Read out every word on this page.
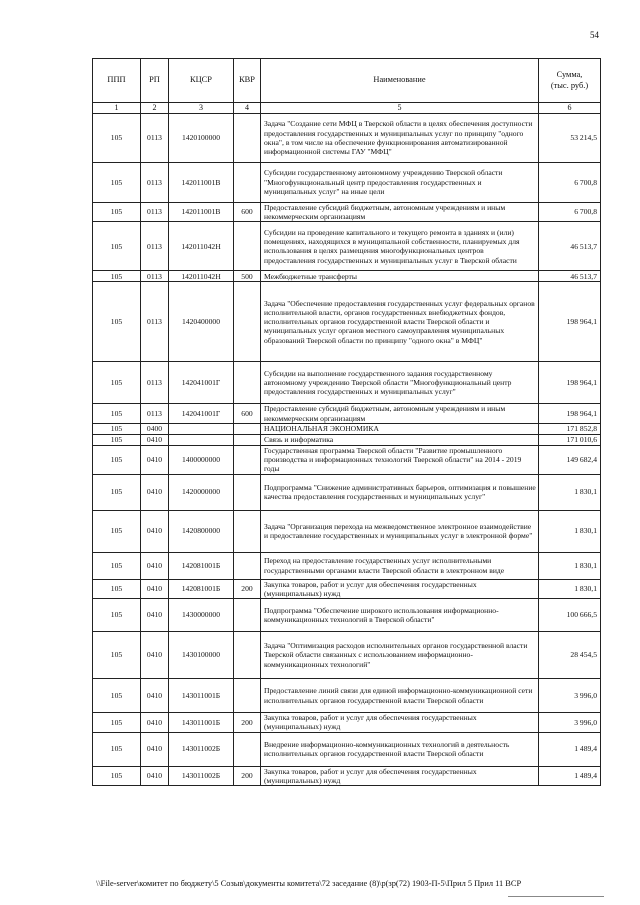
54
ППП	РП	КЦСР	КВР	Наименование	Сумма,
(тыс. руб.)
1	2	3	4	5	6
105	0113	1420100000		Задача "Создание сети МФЦ в Тверской области в целях обеспечения доступности предоставления государственных и муниципальных услуг по принципу "одного окна", в том числе на обеспечение функционирования автоматизированной информационной системы ГАУ "МФЦ"	53 214,5
105	0113	142011001В		Субсидии государственному автономному учреждению Тверской области "Многофункциональный центр предоставления государственных и муниципальных услуг" на иные цели	6 700,8
105	0113	142011001В	600	Предоставление субсидий бюджетным, автономным учреждениям и иным некоммерческим организациям	6 700,8
105	0113	142011042Н		Субсидии на проведение капитального и текущего ремонта в зданиях и (или) помещениях, находящихся в муниципальной собственности, планируемых для использования в целях размещения многофункциональных центров предоставления государственных и муниципальных услуг в Тверской области	46 513,7
105	0113	142011042Н	500	Межбюджетные трансферты	46 513,7
105	0113	1420400000		Задача "Обеспечение предоставления государственных услуг федеральных органов исполнительной власти, органов государственных внебюджетных фондов, исполнительных органов государственной власти Тверской области и муниципальных услуг органов местного самоуправления муниципальных образований Тверской области по принципу "одного окна" в МФЦ"	198 964,1
105	0113	142041001Г		Субсидии на выполнение государственного задания государственному автономному учреждению Тверской области "Многофункциональный центр предоставления государственных и муниципальных услуг"	198 964,1
105	0113	142041001Г	600	Предоставление субсидий бюджетным, автономным учреждениям и иным некоммерческим организациям	198 964,1
105	0400			НАЦИОНАЛЬНАЯ ЭКОНОМИКА	171 852,8
105	0410			Связь и информатика	171 010,6
105	0410	1400000000		Государственная программа Тверской области "Развитие промышленного производства и информационных технологий Тверской области" на 2014 - 2019 годы	149 682,4
105	0410	1420000000		Подпрограмма "Снижение административных барьеров, оптимизация и повышение качества предоставления государственных и муниципальных услуг"	1 830,1
105	0410	1420800000		Задача "Организация перехода на межведомственное электронное взаимодействие и предоставление государственных и муниципальных услуг в электронной форме"	1 830,1
105	0410	142081001Б		Переход на предоставление государственных услуг исполнительными государственными органами власти Тверской области в электронном виде	1 830,1
105	0410	142081001Б	200	Закупка товаров, работ и услуг для обеспечения государственных (муниципальных) нужд	1 830,1
105	0410	1430000000		Подпрограмма "Обеспечение широкого использования информационно-коммуникационных технологий в Тверской области"	100 666,5
105	0410	1430100000		Задача "Оптимизация расходов исполнительных органов государственной власти Тверской области связанных с использованием информационно-коммуникационных технологий"	28 454,5
105	0410	143011001Б		Предоставление линий связи для единой информационно-коммуникационной сети исполнительных органов государственной власти Тверской области	3 996,0
105	0410	143011001Б	200	Закупка товаров, работ и услуг для обеспечения государственных (муниципальных) нужд	3 996,0
105	0410	143011002Б		Внедрение информационно-коммуникационных технологий в деятельность исполнительных органов государственной власти Тверской области	1 489,4
105	0410	143011002Б	200	Закупка товаров, работ и услуг для обеспечения государственных (муниципальных) нужд	1 489,4
\\File-server\комитет по бюджету\5 Созыв\документы комитета\72 заседание (8)\р(зр(72) 1903-П-5\Прил 5 Прил 11 ВСР
